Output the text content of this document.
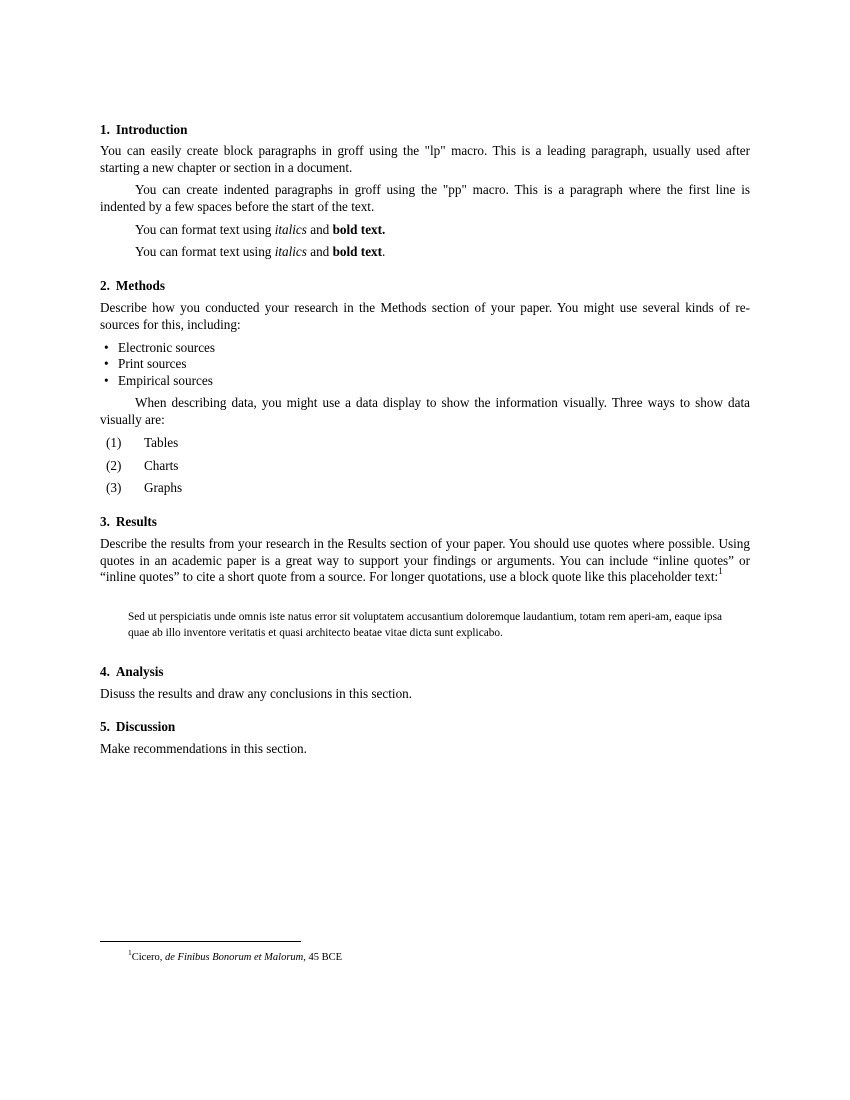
1. Introduction
You can easily create block paragraphs in groff using the "lp" macro. This is a leading paragraph, usually used after starting a new chapter or section in a document.
You can create indented paragraphs in groff using the "pp" macro. This is a paragraph where the first line is indented by a few spaces before the start of the text.
You can format text using italics and bold text.
You can format text using italics and bold text.
2. Methods
Describe how you conducted your research in the Methods section of your paper. You might use several kinds of re-sources for this, including:
• Electronic sources
• Print sources
• Empirical sources
When describing data, you might use a data display to show the information visually. Three ways to show data visually are:
(1) Tables
(2) Charts
(3) Graphs
3. Results
Describe the results from your research in the Results section of your paper. You should use quotes where possible. Using quotes in an academic paper is a great way to support your findings or arguments. You can include “inline quotes” or “inline quotes” to cite a short quote from a source. For longer quotations, use a block quote like this placeholder text:$^1$
Sed ut perspiciatis unde omnis iste natus error sit voluptatem accusantium doloremque laudantium, totam rem aperi-am, eaque ipsa quae ab illo inventore veritatis et quasi architecto beatae vitae dicta sunt explicabo.
4. Analysis
Disuss the results and draw any conclusions in this section.
5. Discussion
Make recommendations in this section.
$^1$Cicero, de Finibus Bonorum et Malorum, 45 BCE
